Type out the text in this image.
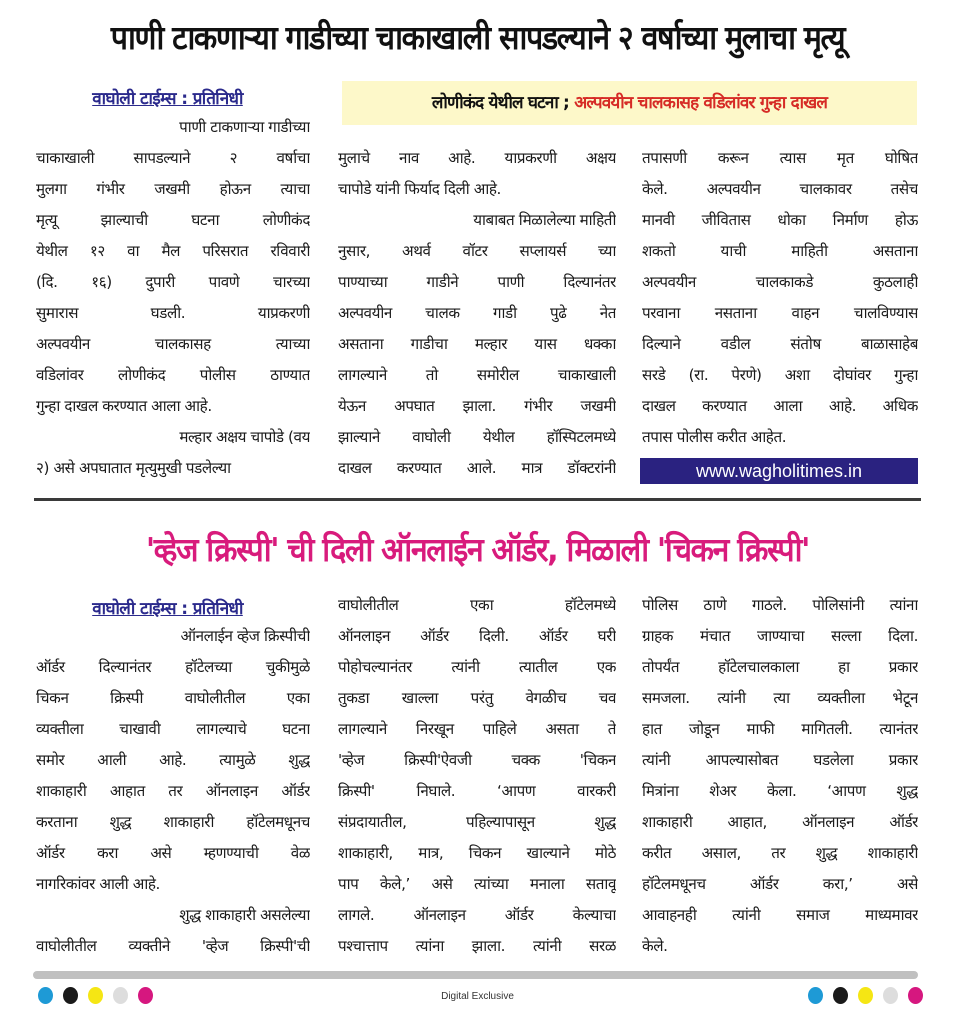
पाणी टाकणाऱ्या गाडीच्या चाकाखाली सापडल्याने २ वर्षाच्या मुलाचा मृत्यू
वाघोली टाईम्स : प्रतिनिधी	लोणीकंद येथील घटना ; अल्पवयीन चालकासह वडिलांवर गुन्हा दाखल
पाणी टाकणाऱ्या गाडीच्या
चाकाखाली सापडल्याने २ वर्षाचा
मुलगा गंभीर जखमी होऊन त्याचा
मृत्यू झाल्याची घटना लोणीकंद
येथील १२ वा मैल परिसरात रविवारी
(दि. १६) दुपारी पावणे चारच्या
सुमारास घडली. याप्रकरणी
अल्पवयीन चालकासह त्याच्या
वडिलांवर लोणीकंद पोलीस ठाण्यात
गुन्हा दाखल करण्यात आला आहे.
मल्हार अक्षय चापोडे (वय
२) असे अपघातात मृत्युमुखी पडलेल्या
मुलाचे नाव आहे. याप्रकरणी अक्षय
चापोडे यांनी फिर्याद दिली आहे.
याबाबत मिळालेल्या माहिती
नुसार, अथर्व वॉटर सप्लायर्स च्या
पाण्याच्या गाडीने पाणी दिल्यानंतर
अल्पवयीन चालक गाडी पुढे नेत
असताना गाडीचा मल्हार यास धक्का
लागल्याने तो समोरील चाकाखाली
येऊन अपघात झाला. गंभीर जखमी
झाल्याने वाघोली येथील हॉस्पिटलमध्ये
दाखल करण्यात आले. मात्र डॉक्टरांनी
तपासणी करून त्यास मृत घोषित
केले. अल्पवयीन चालकावर तसेच
मानवी जीवितास धोका निर्माण होऊ
शकतो याची माहिती असताना
अल्पवयीन चालकाकडे कुठलाही
परवाना नसताना वाहन चालविण्यास
दिल्याने वडील संतोष बाळासाहेब
सरडे (रा. पेरणे) अशा दोघांवर गुन्हा
दाखल करण्यात आला आहे. अधिक
तपास पोलीस करीत आहेत.
www.wagholitimes.in
'व्हेज क्रिस्पी' ची दिली ऑनलाईन ऑर्डर, मिळाली 'चिकन क्रिस्पी'
वाघोली टाईम्स : प्रतिनिधी
ऑनलाईन व्हेज क्रिस्पीची
ऑर्डर दिल्यानंतर हॉटेलच्या चुकीमुळे
चिकन क्रिस्पी वाघोलीतील एका
व्यक्तीला चाखावी लागल्याचे घटना
समोर आली आहे. त्यामुळे शुद्ध
शाकाहारी आहात तर ऑनलाइन ऑर्डर
करताना शुद्ध शाकाहारी हॉटेलमधूनच
ऑर्डर करा असे म्हणण्याची वेळ
नागरिकांवर आली आहे.
शुद्ध शाकाहारी असलेल्या
वाघोलीतील व्यक्तीने 'व्हेज क्रिस्पी'ची
वाघोलीतील एका हॉटेलमध्ये
ऑनलाइन ऑर्डर दिली. ऑर्डर घरी
पोहोचल्यानंतर त्यांनी त्यातील एक
तुकडा खाल्ला परंतु वेगळीच चव
लागल्याने निरखून पाहिले असता ते
'व्हेज क्रिस्पी'ऐवजी चक्क 'चिकन
क्रिस्पी' निघाले. ‘आपण वारकरी
संप्रदायातील, पहिल्यापासून शुद्ध
शाकाहारी, मात्र, चिकन खाल्याने मोठे
पाप केले,’ असे त्यांच्या मनाला सतावू
लागले. ऑनलाइन ऑर्डर केल्याचा
पश्चात्ताप त्यांना झाला. त्यांनी सरळ
पोलिस ठाणे गाठले. पोलिसांनी त्यांना
ग्राहक मंचात जाण्याचा सल्ला दिला.
तोपर्यंत हॉटेलचालकाला हा प्रकार
समजला. त्यांनी त्या व्यक्तीला भेटून
हात जोडून माफी मागितली. त्यानंतर
त्यांनी आपल्यासोबत घडलेला प्रकार
मित्रांना शेअर केला. ‘आपण शुद्ध
शाकाहारी आहात, ऑनलाइन ऑर्डर
करीत असाल, तर शुद्ध शाकाहारी
हॉटेलमधूनच ऑर्डर करा,’ असे
आवाहनही त्यांनी समाज माध्यमावर
केले.
Digital Exclusive
